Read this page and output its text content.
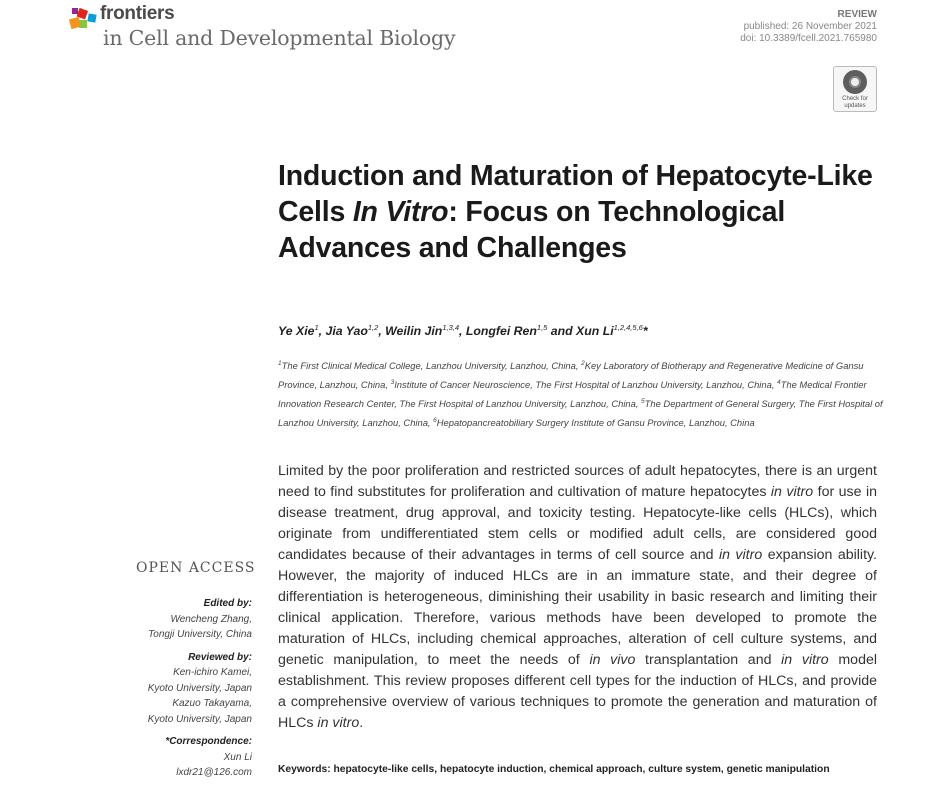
frontiers
in Cell and Developmental Biology
REVIEW
published: 26 November 2021
doi: 10.3389/fcell.2021.765980
Check for
updates
Induction and Maturation of Hepatocyte-Like Cells In Vitro: Focus on Technological Advances and Challenges
Ye Xie$^1$, Jia Yao$^{1,2}$, Weilin Jin$^{1,3,4}$, Longfei Ren$^{1,5}$ and Xun Li$^{1,2,4,5,6}$*
$^1$The First Clinical Medical College, Lanzhou University, Lanzhou, China, $^2$Key Laboratory of Biotherapy and Regenerative Medicine of Gansu Province, Lanzhou, China, $^3$Institute of Cancer Neuroscience, The First Hospital of Lanzhou University, Lanzhou, China, $^4$The Medical Frontier Innovation Research Center, The First Hospital of Lanzhou University, Lanzhou, China, $^5$The Department of General Surgery, The First Hospital of Lanzhou University, Lanzhou, China, $^6$Hepatopancreatobiliary Surgery Institute of Gansu Province, Lanzhou, China
Limited by the poor proliferation and restricted sources of adult hepatocytes, there is an urgent need to find substitutes for proliferation and cultivation of mature hepatocytes in vitro for use in disease treatment, drug approval, and toxicity testing. Hepatocyte-like cells (HLCs), which originate from undifferentiated stem cells or modified adult cells, are considered good candidates because of their advantages in terms of cell source and in vitro expansion ability. However, the majority of induced HLCs are in an immature state, and their degree of differentiation is heterogeneous, diminishing their usability in basic research and limiting their clinical application. Therefore, various methods have been developed to promote the maturation of HLCs, including chemical approaches, alteration of cell culture systems, and genetic manipulation, to meet the needs of in vivo transplantation and in vitro model establishment. This review proposes different cell types for the induction of HLCs, and provide a comprehensive overview of various techniques to promote the generation and maturation of HLCs in vitro.
OPEN ACCESS
Edited by:
Wencheng Zhang,
Tongji University, China
Reviewed by:
Ken-ichiro Kamei,
Kyoto University, Japan
Kazuo Takayama,
Kyoto University, Japan
*Correspondence:
Xun Li
lxdr21@126.com	Keywords: hepatocyte-like cells, hepatocyte induction, chemical approach, culture system, genetic manipulation
